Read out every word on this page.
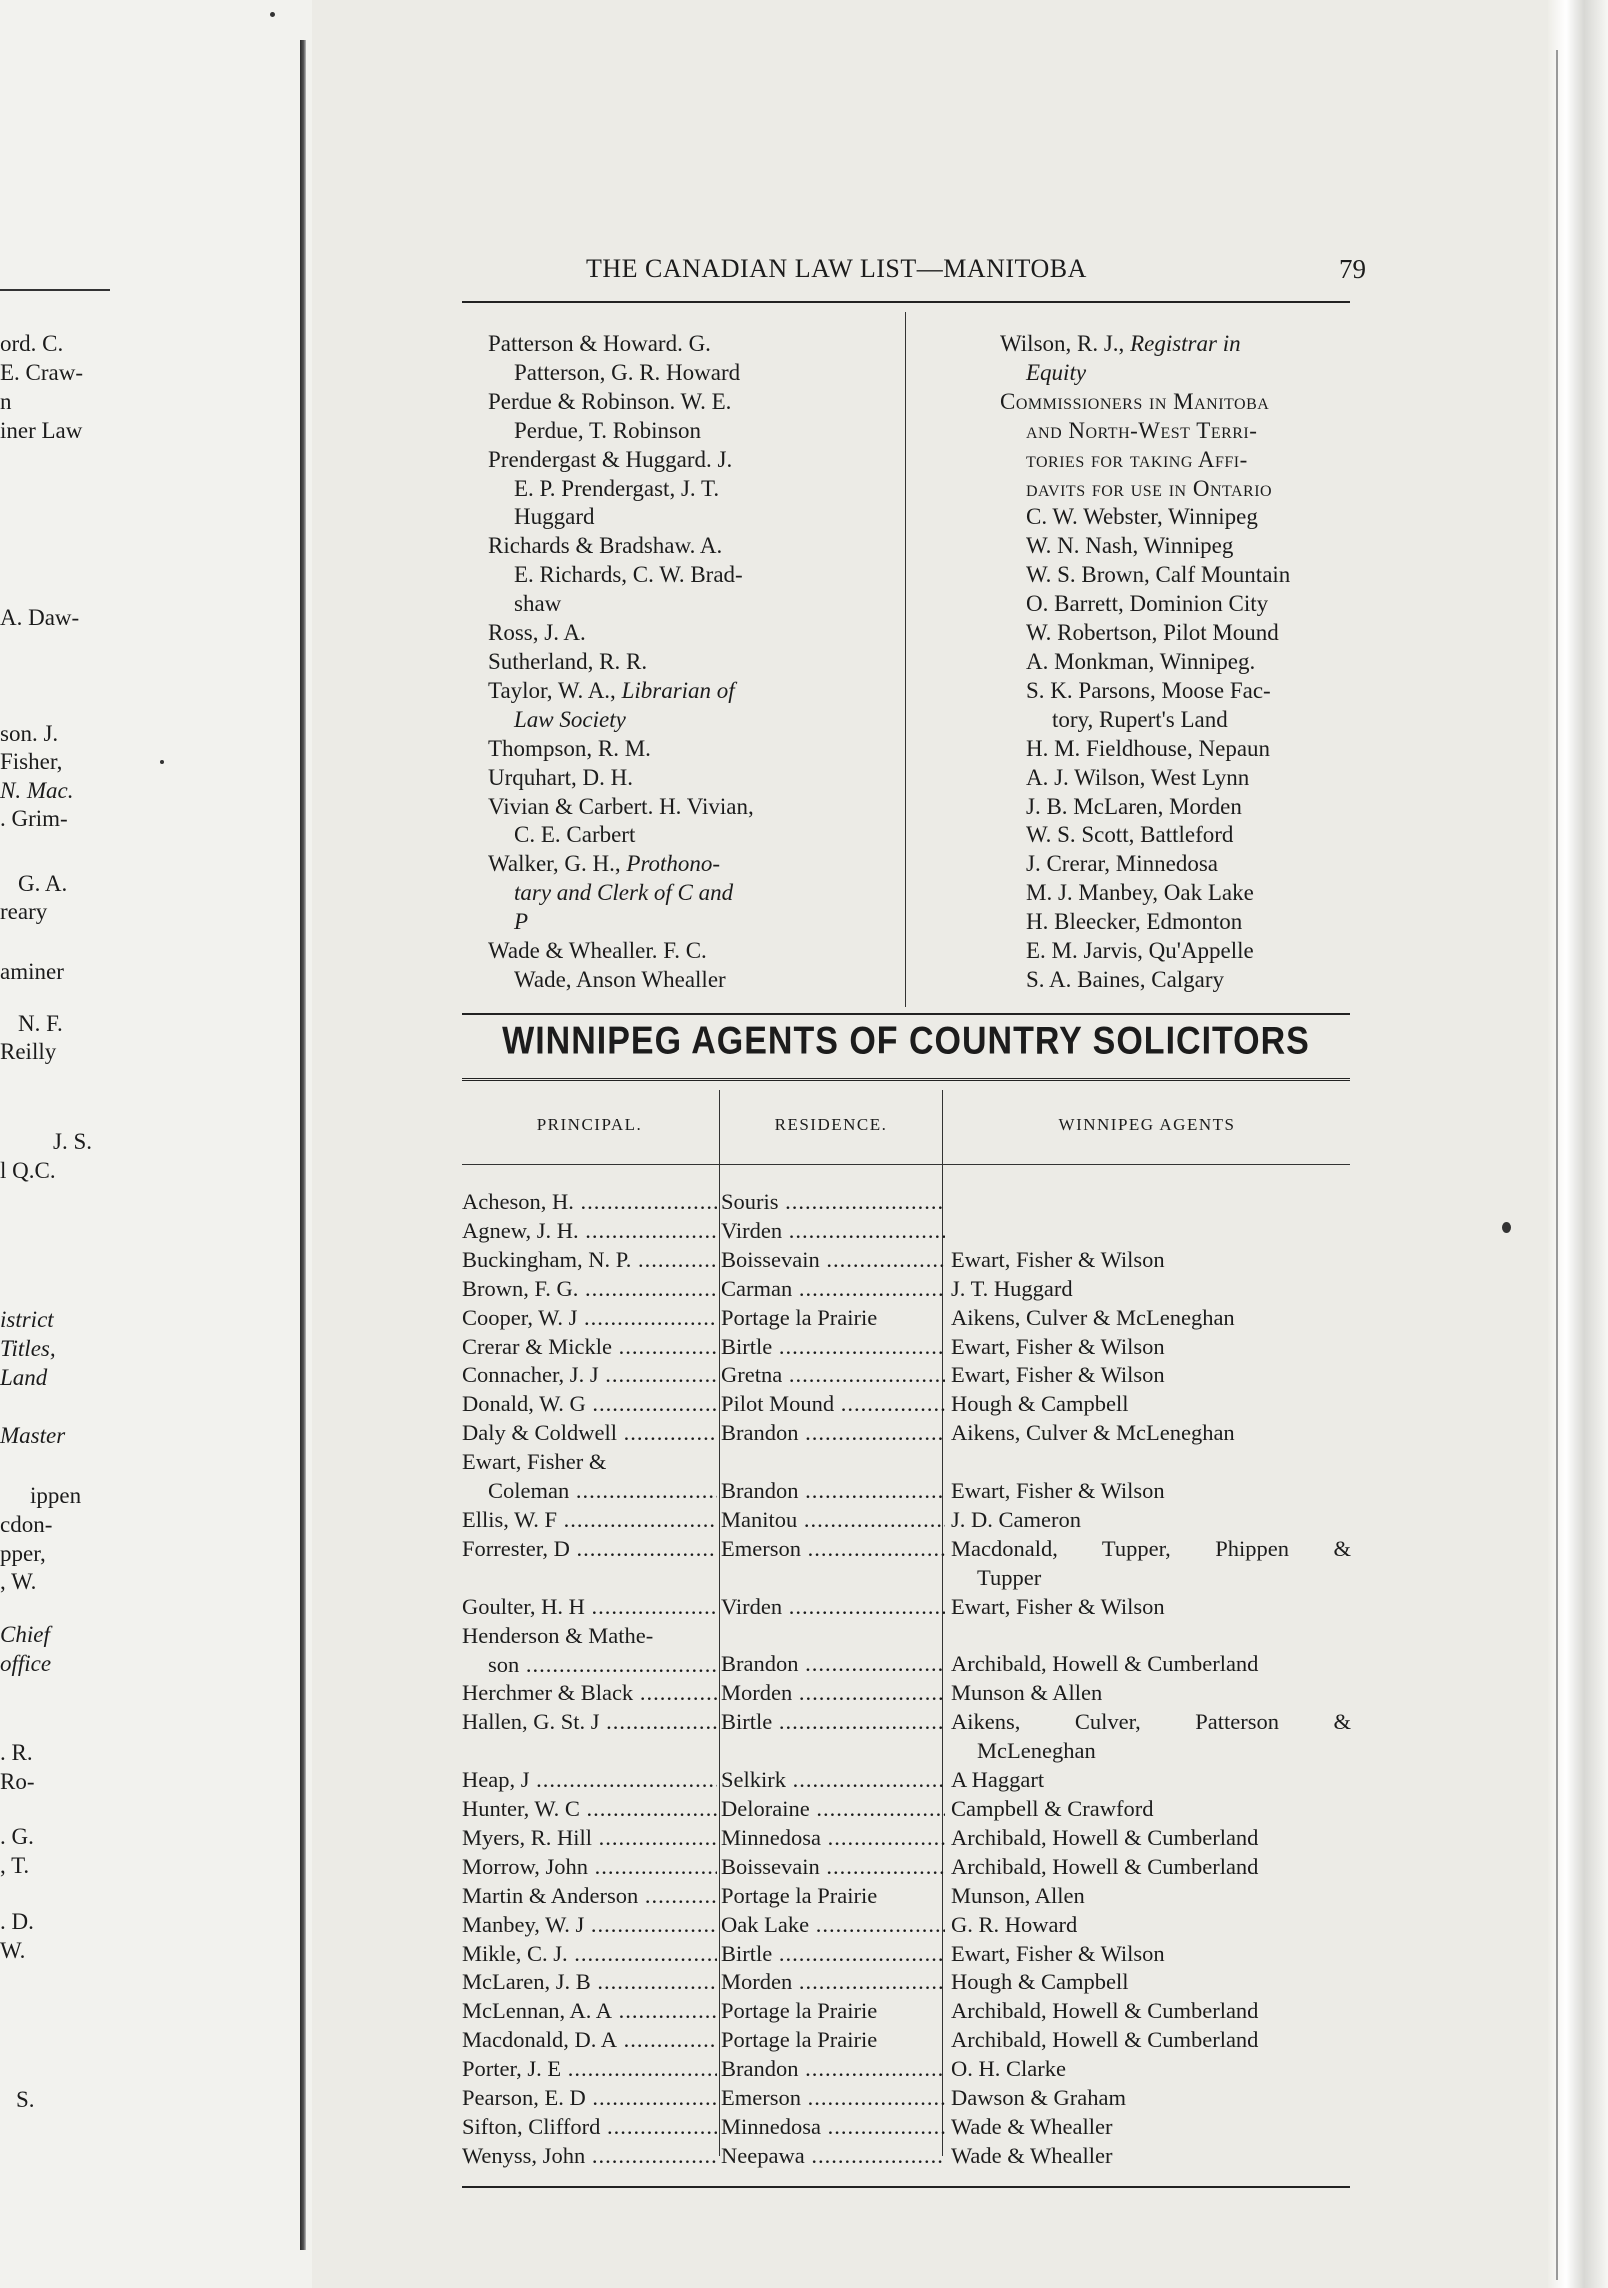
ord. C.
E. Craw-
n
iner Law
A. Daw-
son. J.
Fisher,
N. Mac.
. Grim-
G. A.
reary
aminer
N. F.
Reilly
J. S.
l Q.C.
istrict
Titles,
Land
Master
ippen
cdon-
pper,
, W.
Chief
office
. R.
Ro-
. G.
, T.
. D.
W.
S.
THE CANADIAN LAW LIST—MANITOBA	79
Patterson & Howard. G.
Patterson, G. R. Howard
Perdue & Robinson. W. E.
Perdue, T. Robinson
Prendergast & Huggard. J.
E. P. Prendergast, J. T.
Huggard
Richards & Bradshaw. A.
E. Richards, C. W. Brad-
shaw
Ross, J. A.
Sutherland, R. R.
Taylor, W. A., Librarian of
Law Society
Thompson, R. M.
Urquhart, D. H.
Vivian & Carbert. H. Vivian,
C. E. Carbert
Walker, G. H., Prothono-
tary and Clerk of C and
P
Wade & Whealler. F. C.
Wade, Anson Whealler
Wilson, R. J., Registrar in
Equity
Commissioners in Manitoba
and North-West Terri-
tories for taking Affi-
davits for use in Ontario
C. W. Webster, Winnipeg
W. N. Nash, Winnipeg
W. S. Brown, Calf Mountain
O. Barrett, Dominion City
W. Robertson, Pilot Mound
A. Monkman, Winnipeg.
S. K. Parsons, Moose Fac-
tory, Rupert's Land
H. M. Fieldhouse, Nepaun
A. J. Wilson, West Lynn
J. B. McLaren, Morden
W. S. Scott, Battleford
J. Crerar, Minnedosa
M. J. Manbey, Oak Lake
H. Bleecker, Edmonton
E. M. Jarvis, Qu'Appelle
S. A. Baines, Calgary
WINNIPEG AGENTS OF COUNTRY SOLICITORS
PRINCIPAL.	RESIDENCE.	WINNIPEG AGENTS
Acheson, H. .....	Souris .....
Agnew, J. H. .....	Virden .....
Buckingham, N. P. .....	Boissevain .....	Ewart, Fisher & Wilson
Brown, F. G. .....	Carman .....	J. T. Huggard
Cooper, W. J .....	Portage la Prairie	Aikens, Culver & McLeneghan
Crerar & Mickle .....	Birtle .....	Ewart, Fisher & Wilson
Connacher, J. J .....	Gretna .....	Ewart, Fisher & Wilson
Donald, W. G .....	Pilot Mound .....	Hough & Campbell
Daly & Coldwell .....	Brandon .....	Aikens, Culver & McLeneghan
Ewart, Fisher &
Coleman .....	Brandon .....	Ewart, Fisher & Wilson
Ellis, W. F .....	Manitou .....	J. D. Cameron
Forrester, D .....	Emerson .....	Macdonald, Tupper, Phippen &
Tupper
Goulter, H. H .....	Virden .....	Ewart, Fisher & Wilson
Henderson & Mathe-
son .....	Brandon .....	Archibald, Howell & Cumberland
Herchmer & Black .....	Morden .....	Munson & Allen
Hallen, G. St. J .....	Birtle .....	Aikens, Culver, Patterson &
McLeneghan
Heap, J .....	Selkirk .....	A Haggart
Hunter, W. C .....	Deloraine .....	Campbell & Crawford
Myers, R. Hill .....	Minnedosa .....	Archibald, Howell & Cumberland
Morrow, John .....	Boissevain .....	Archibald, Howell & Cumberland
Martin & Anderson .....	Portage la Prairie	Munson, Allen
Manbey, W. J .....	Oak Lake .....	G. R. Howard
Mikle, C. J. .....	Birtle .....	Ewart, Fisher & Wilson
McLaren, J. B .....	Morden .....	Hough & Campbell
McLennan, A. A .....	Portage la Prairie	Archibald, Howell & Cumberland
Macdonald, D. A .....	Portage la Prairie	Archibald, Howell & Cumberland
Porter, J. E .....	Brandon .....	O. H. Clarke
Pearson, E. D .....	Emerson .....	Dawson & Graham
Sifton, Clifford .....	Minnedosa .....	Wade & Whealler
Wenyss, John .....	Neepawa .....	Wade & Whealler
